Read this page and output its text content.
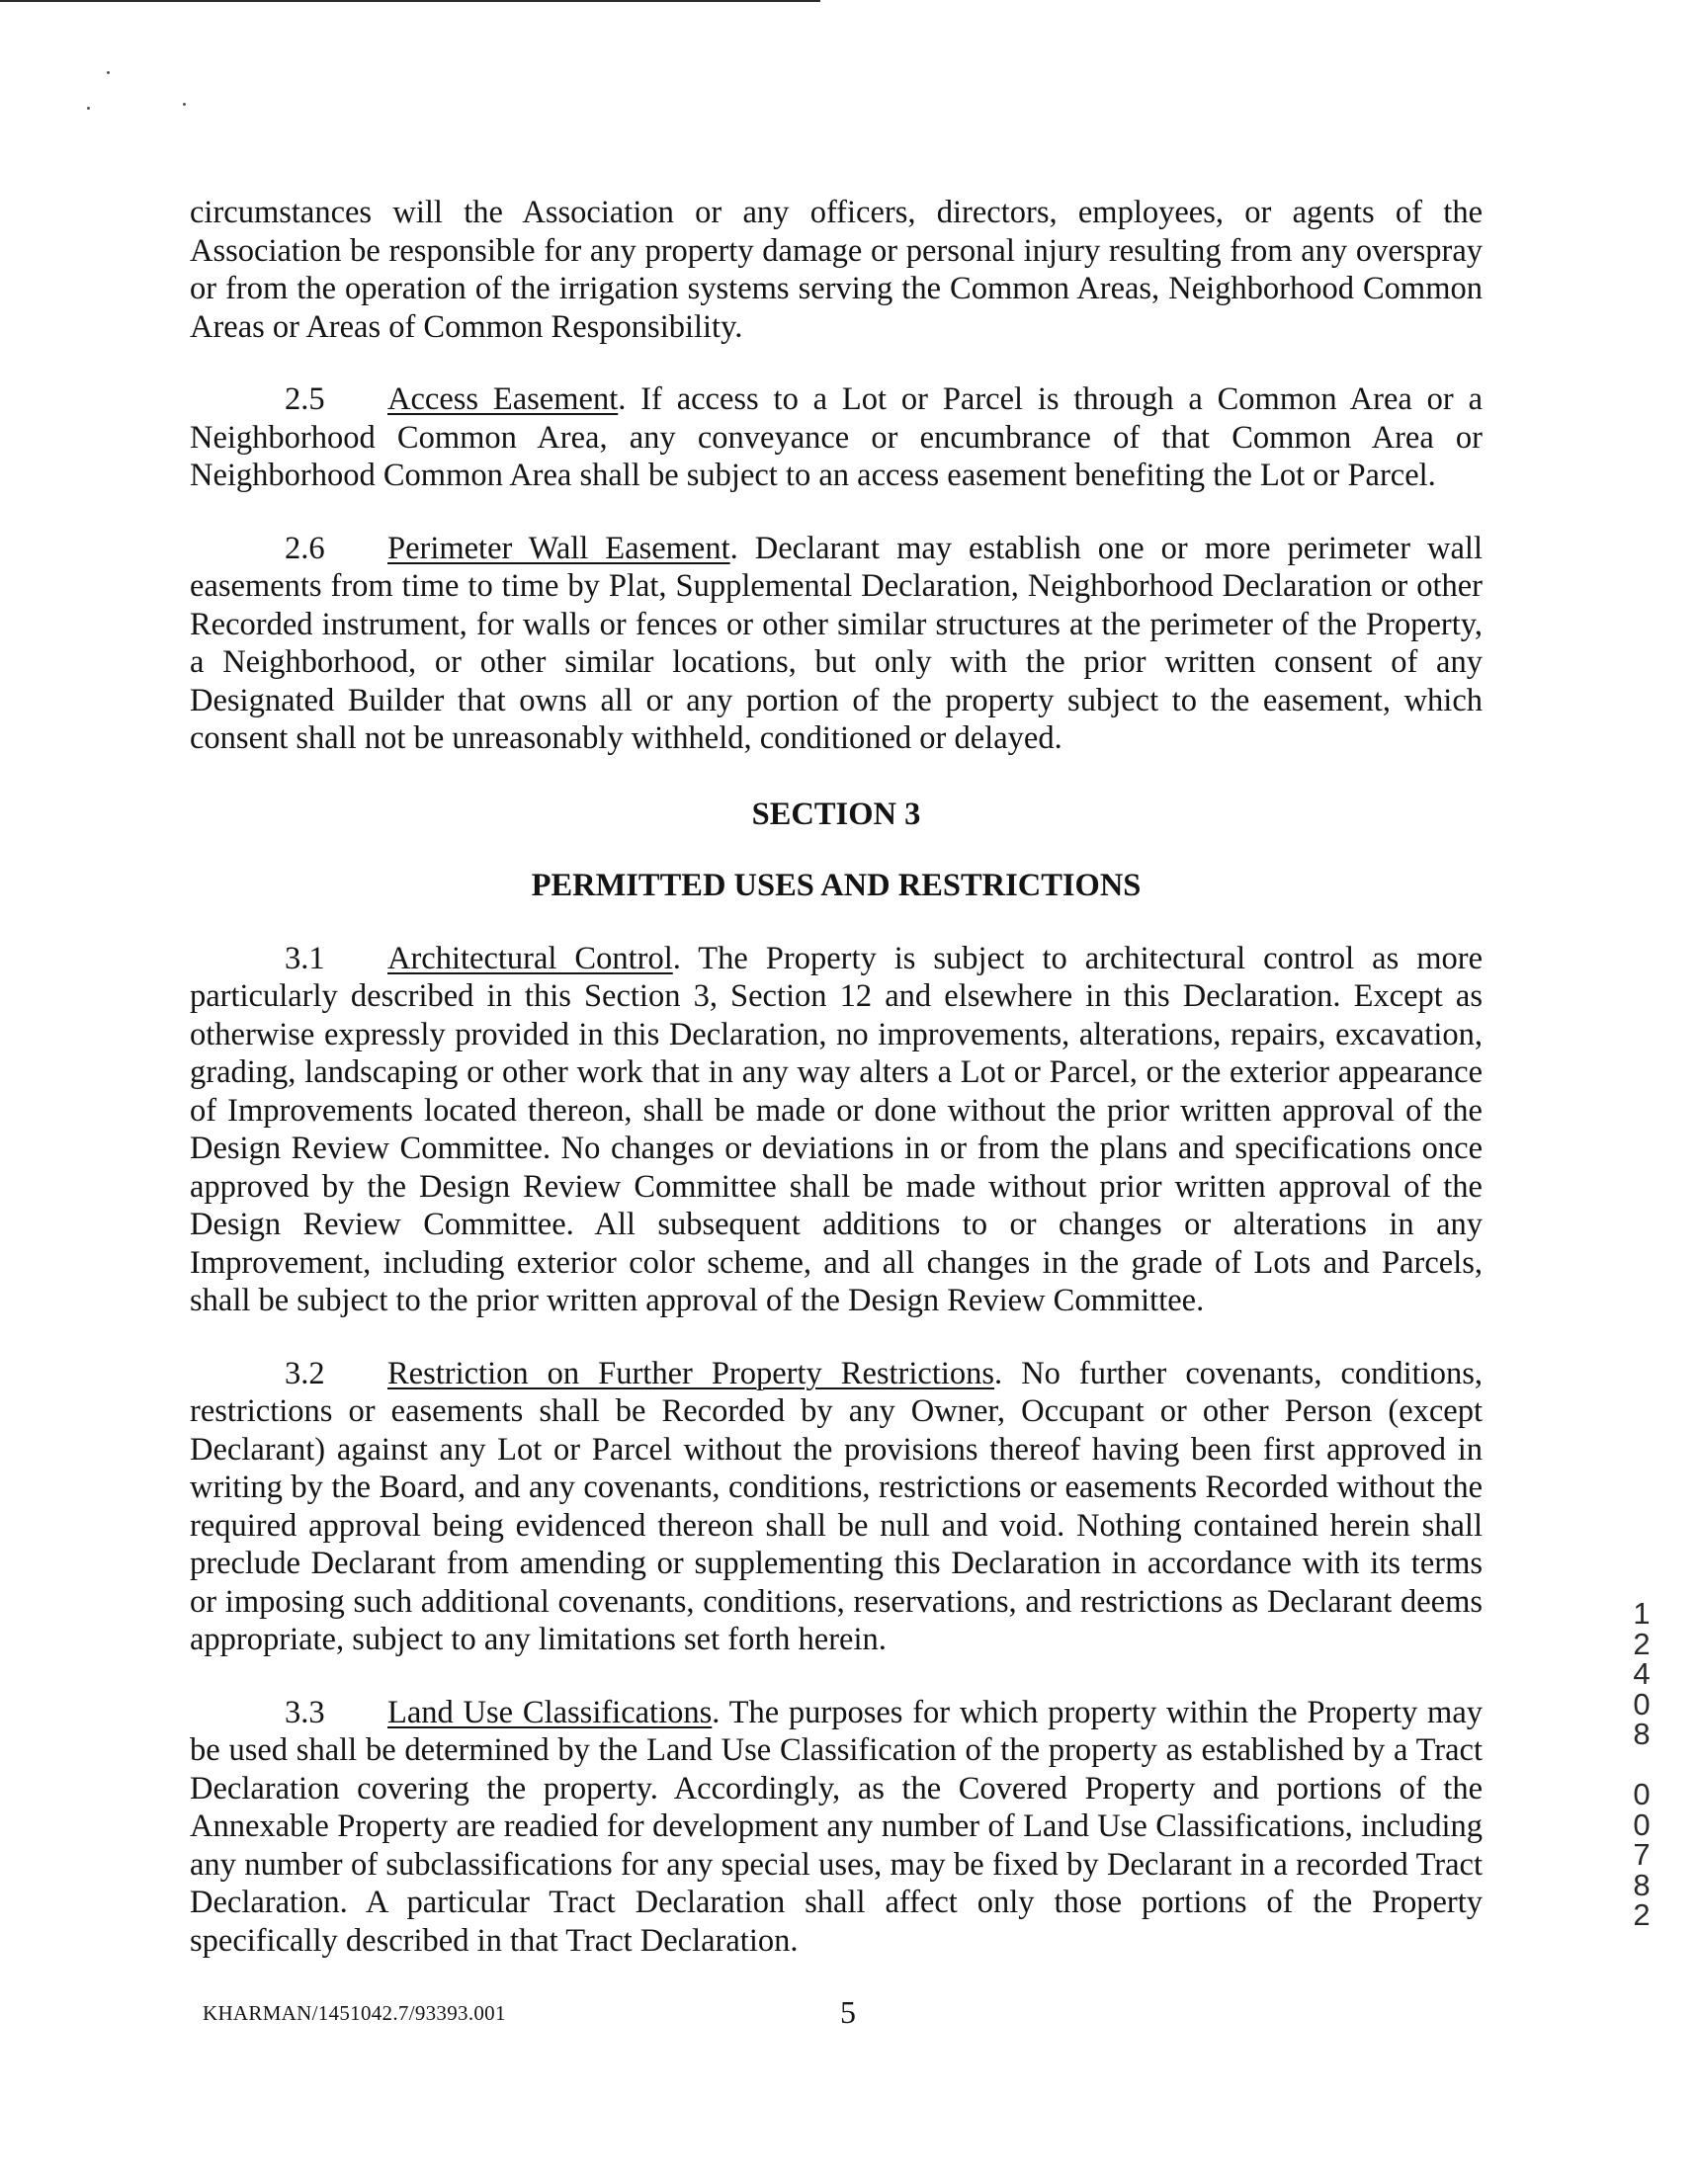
circumstances will the Association or any officers, directors, employees, or agents of the Association be responsible for any property damage or personal injury resulting from any overspray or from the operation of the irrigation systems serving the Common Areas, Neighborhood Common Areas or Areas of Common Responsibility.

2.5 Access Easement. If access to a Lot or Parcel is through a Common Area or a Neighborhood Common Area, any conveyance or encumbrance of that Common Area or Neighborhood Common Area shall be subject to an access easement benefiting the Lot or Parcel.

2.6 Perimeter Wall Easement. Declarant may establish one or more perimeter wall easements from time to time by Plat, Supplemental Declaration, Neighborhood Declaration or other Recorded instrument, for walls or fences or other similar structures at the perimeter of the Property, a Neighborhood, or other similar locations, but only with the prior written consent of any Designated Builder that owns all or any portion of the property subject to the easement, which consent shall not be unreasonably withheld, conditioned or delayed.

SECTION 3

PERMITTED USES AND RESTRICTIONS

3.1 Architectural Control. The Property is subject to architectural control as more particularly described in this Section 3, Section 12 and elsewhere in this Declaration. Except as otherwise expressly provided in this Declaration, no improvements, alterations, repairs, excavation, grading, landscaping or other work that in any way alters a Lot or Parcel, or the exterior appearance of Improvements located thereon, shall be made or done without the prior written approval of the Design Review Committee. No changes or deviations in or from the plans and specifications once approved by the Design Review Committee shall be made without prior written approval of the Design Review Committee. All subsequent additions to or changes or alterations in any Improvement, including exterior color scheme, and all changes in the grade of Lots and Parcels, shall be subject to the prior written approval of the Design Review Committee.

3.2 Restriction on Further Property Restrictions. No further covenants, conditions, restrictions or easements shall be Recorded by any Owner, Occupant or other Person (except Declarant) against any Lot or Parcel without the provisions thereof having been first approved in writing by the Board, and any covenants, conditions, restrictions or easements Recorded without the required approval being evidenced thereon shall be null and void. Nothing contained herein shall preclude Declarant from amending or supplementing this Declaration in accordance with its terms or imposing such additional covenants, conditions, reservations, and restrictions as Declarant deems appropriate, subject to any limitations set forth herein.

3.3 Land Use Classifications. The purposes for which property within the Property may be used shall be determined by the Land Use Classification of the property as established by a Tract Declaration covering the property. Accordingly, as the Covered Property and portions of the Annexable Property are readied for development any number of Land Use Classifications, including any number of subclassifications for any special uses, may be fixed by Declarant in a recorded Tract Declaration. A particular Tract Declaration shall affect only those portions of the Property specifically described in that Tract Declaration.

KHARMAN/1451042.7/93393.001	5
1
2
4
0
8

0
0
7
8
2
